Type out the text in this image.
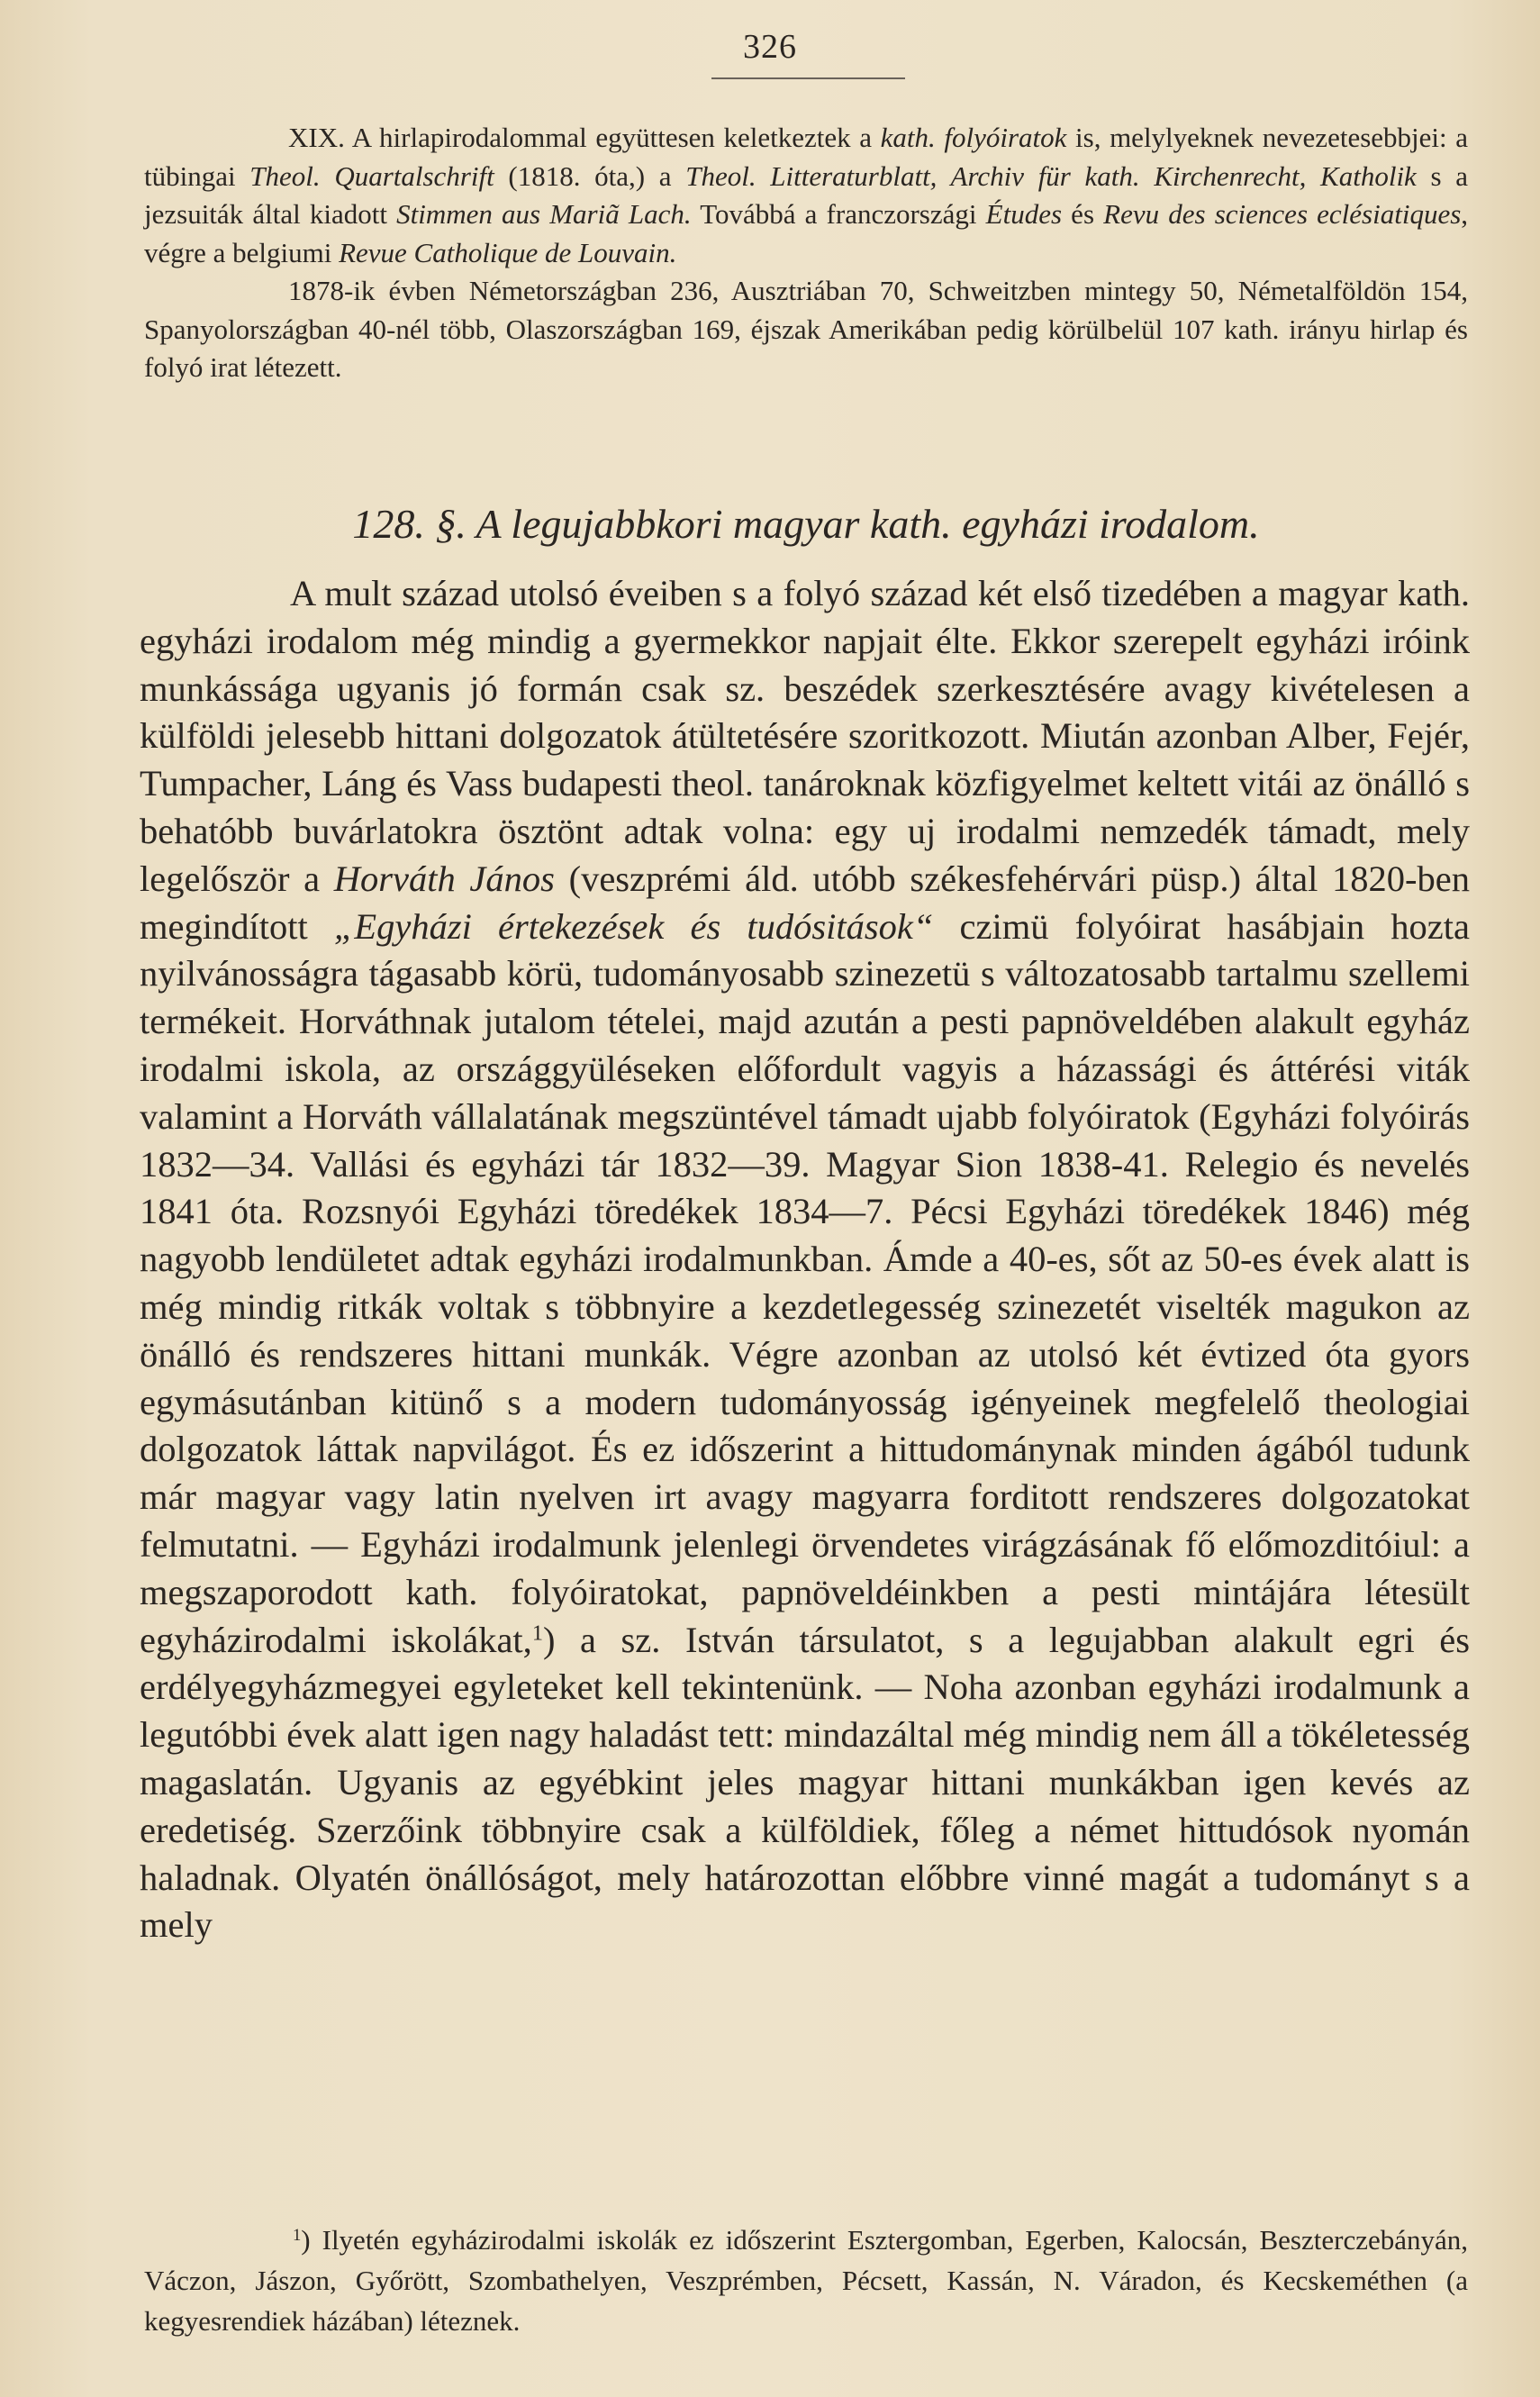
326

XIX. A hirlapirodalommal együttesen keletkeztek a kath. folyóiratok is, melylyeknek nevezetesebbjei: a tübingai Theol. Quartalschrift (1818. óta,) a Theol. Litteraturblatt, Archiv für kath. Kirchenrecht, Katholik s a jezsuiták által kiadott Stimmen aus Mariã Lach. Továbbá a franczországi Études és Revu des sciences eclésiatiques, végre a belgiumi Revue Catholique de Louvain.

1878-ik évben Németországban 236, Ausztriában 70, Schweitzben mintegy 50, Németalföldön 154, Spanyolországban 40-nél több, Olaszországban 169, éjszak Amerikában pedig körülbelül 107 kath. irányu hirlap és folyó irat létezett.

128. §. A legujabbkori magyar kath. egyházi irodalom.

A mult század utolsó éveiben s a folyó század két első tizedében a magyar kath. egyházi irodalom még mindig a gyermekkor napjait élte. Ekkor szerepelt egyházi iróink munkássága ugyanis jó formán csak sz. beszédek szerkesztésére avagy kivételesen a külföldi jelesebb hittani dolgozatok átültetésére szoritkozott. Miután azonban Alber, Fejér, Tumpacher, Láng és Vass budapesti theol. tanároknak közfigyelmet keltett vitái az önálló s behatóbb buvárlatokra ösztönt adtak volna: egy uj irodalmi nemzedék támadt, mely legelőször a Horváth János (veszprémi áld. utóbb székesfehérvári püsp.) által 1820-ben megindított „Egyházi értekezések és tudósitások“ czimü folyóirat hasábjain hozta nyilvánosságra tágasabb körü, tudományosabb szinezetü s változatosabb tartalmu szellemi termékeit. Horváthnak jutalom tételei, majd azután a pesti papnöveldében alakult egyház irodalmi iskola, az országgyüléseken előfordult vagyis a házassági és áttérési viták valamint a Horváth vállalatának megszüntével támadt ujabb folyóiratok (Egyházi folyóirás 1832—34. Vallási és egyházi tár 1832—39. Magyar Sion 1838-41. Relegio és nevelés 1841 óta. Rozsnyói Egyházi töredékek 1834—7. Pécsi Egyházi töredékek 1846) még nagyobb lendületet adtak egyházi irodalmunkban. Ámde a 40-es, sőt az 50-es évek alatt is még mindig ritkák voltak s többnyire a kezdetlegesség szinezetét viselték magukon az önálló és rendszeres hittani munkák. Végre azonban az utolsó két évtized óta gyors egymásutánban kitünő s a modern tudományosság igényeinek megfelelő theologiai dolgozatok láttak napvilágot. És ez időszerint a hittudománynak minden ágából tudunk már magyar vagy latin nyelven irt avagy magyarra forditott rendszeres dolgozatokat felmutatni. — Egyházi irodalmunk jelenlegi örvendetes virágzásának fő előmozditóiul: a megszaporodott kath. folyóiratokat, papnöveldéinkben a pesti mintájára létesült egyházirodalmi iskolákat,$^1$) a sz. István társulatot, s a legujabban alakult egri és erdélyegyházmegyei egyleteket kell tekintenünk. — Noha azonban egyházi irodalmunk a legutóbbi évek alatt igen nagy haladást tett: mindazáltal még mindig nem áll a tökéletesség magaslatán. Ugyanis az egyébkint jeles magyar hittani munkákban igen kevés az eredetiség. Szerzőink többnyire csak a külföldiek, főleg a német hittudósok nyomán haladnak. Olyatén önállóságot, mely határozottan előbbre vinné magát a tudományt s a mely

$^1$) Ilyetén egyházirodalmi iskolák ez időszerint Esztergomban, Egerben, Kalocsán, Beszterczebányán, Váczon, Jászon, Győrött, Szombathelyen, Veszprémben, Pécsett, Kassán, N. Váradon, és Kecskeméthen (a kegyesrendiek házában) léteznek.
